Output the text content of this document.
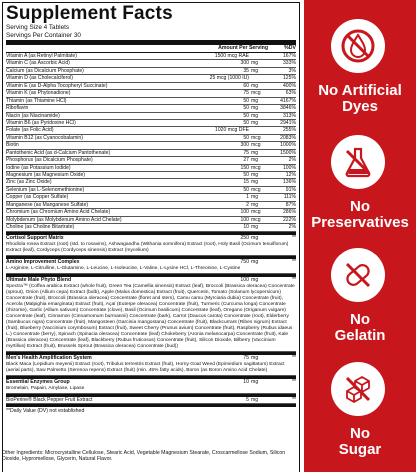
Supplement Facts
Serving Size 4 Tablets
Servings Per Container 30
Amount Per Serving	%DV
Vitamin A (as Retinyl Palmitate)	1500 mcg RAE	167%
Vitamin C (as Ascorbic Acid)	300 mg	333%
Calcium (as Dicalcium Phosphate)	35 mg	3%
Vitamin D (as Cholecalciferol)	25 mcg (1000 IU)	125%
Vitamin E (as D-Alpha Tocopheryl Succinate)	60 mg	400%
Vitamin K (as Phytonadione)	75 mcg	63%
Thiamin (as Thiamine HCl)	50 mg	4167%
Riboflavin	50 mg	3846%
Niacin (as Niacinamide)	50 mg	313%
Vitamin B6 (as Pyridoxine HCl)	50 mg	2941%
Folate (as Folic Acid)	1020 mcg DFE	255%
Vitamin B12 (as Cyanocobalamin)	50 mcg	2083%
Biotin	300 mcg	1000%
Pantothenic Acid (as d-Calcium Pantothenate)	75 mg	1500%
Phosphorus (as Dicalcium Phosphate)	27 mg	2%
Iodine (as Potassium Iodide)	150 mcg	100%
Magnesium (as Magnesium Oxide)	50 mg	12%
Zinc (as Zinc Oxide)	15 mg	136%
Selenium (as L-Selenomethionine)	50 mcg	91%
Copper (as Copper Sulfate)	1 mg	111%
Manganese (as Manganese Sulfate)	2 mg	87%
Chromium (as Chromium Amino Acid Chelate)	100 mcg	286%
Molybdenum (as Molybdenum Amino Acid Chelate)	100 mcg	222%
Choline (as Choline Bitartrate)	10 mg	2%
Cortisol Support Matrix	250 mg	**
Rhodiola rosea Extract (root) (std. to rosavins), Ashwagandha (Withania somnifera) Extract (root), Holy Basil (Ocimum tenuiflorum) Extract (leaf), Cordyceps (Cordyceps sinensis) Extract (mycelium)
Amino Improvement Complex	750 mg	**
L-Arginine, L-Citrulline, L-Glutamine, L-Leucine, L-Isoleucine, L-Valine, L-Lysine HCl, L-Threonine, L-Cystine
Ultimate Male Phyto Blend	100 mg	**
Spectra™ (Coffea arabica Extract (whole fruit), Green Tea (Camellia sinensis) Extract (leaf), Broccoli (Brassica oleracea) Concentrate (sprout), Onion (Allium cepa) Extract (bulb), Apple (Malus domestica) Extract (fruit), Quercetin, Tomato (Solanum lycopersicum) Concentrate (fruit), Broccoli (Brassica oleracea) Concentrate (floret and stem), Camu camu (Myrciaria dubia) Concentrate (fruit), Acerola (Malpighia emarginata) Extract (fruit), Açaí (Euterpe oleracea) Concentrate (fruit), Turmeric (Curcuma longa) Concentrate (rhizome), Garlic (Allium sativum) Concentrate (clove), Basil (Ocimum basilicum) Concentrate (leaf), Oregano (Origanum vulgare) Concentrate (leaf), Cinnamon (Cinnamomum burmannii) Concentrate (bark), Carrot (Daucus carota) Concentrate (root), Elderberry (Sambucus nigra) Concentrate (fruit), Mangosteen (Garcinia mangostana) Concentrate (fruit), Blackcurrant (Ribes nigrum) Extract (fruit), Blueberry (Vaccinium corymbosum) Extract (fruit), Sweet Cherry (Prunus avium) Concentrate (fruit), Raspberry (Rubus idaeus L.) Concentrate (berry), Spinach (Spinacia oleracea) Concentrate (leaf) Chokeberry (Aronia melanocarpa) Concentrate (fruit), Kale (Brassica oleracea) Concentrate (leaf), Blackberry (Rubus fruticosus) Concentrate (fruit), Silicon Dioxide, Bilberry (Vaccinium myrtillus) Extract (fruit), Brussels Sprout (Brassica oleracea) Concentrate (bud))
Men's Health Amplification System	75 mg	**
Black Maca (Lepidium meyenii) Extract (root), Tribulus terrestris Extract (fruit), Horny Goat Weed (Epimedium sagittatum) Extract (aerial parts), Saw Palmetto (Serenoa repens) Extract (fruit) (min. 45% fatty acids), Boron (as Boron Amino Acid Chelate)
Essential Enzymes Group	10 mg	**
Bromelain, Papain, Amylase, Lipase
BioPerine® Black Pepper Fruit Extract	5 mg	**
**Daily Value (DV) not established
Other Ingredients: Microcrystalline Cellulose, Stearic Acid, Vegetable Magnesium Stearate, Croscarmellose Sodium, Silicon Dioxide, Hypromellose, Glycerin, Natural Flavor.
No Artificial
Dyes
No
Preservatives
No
Gelatin
No
Sugar
